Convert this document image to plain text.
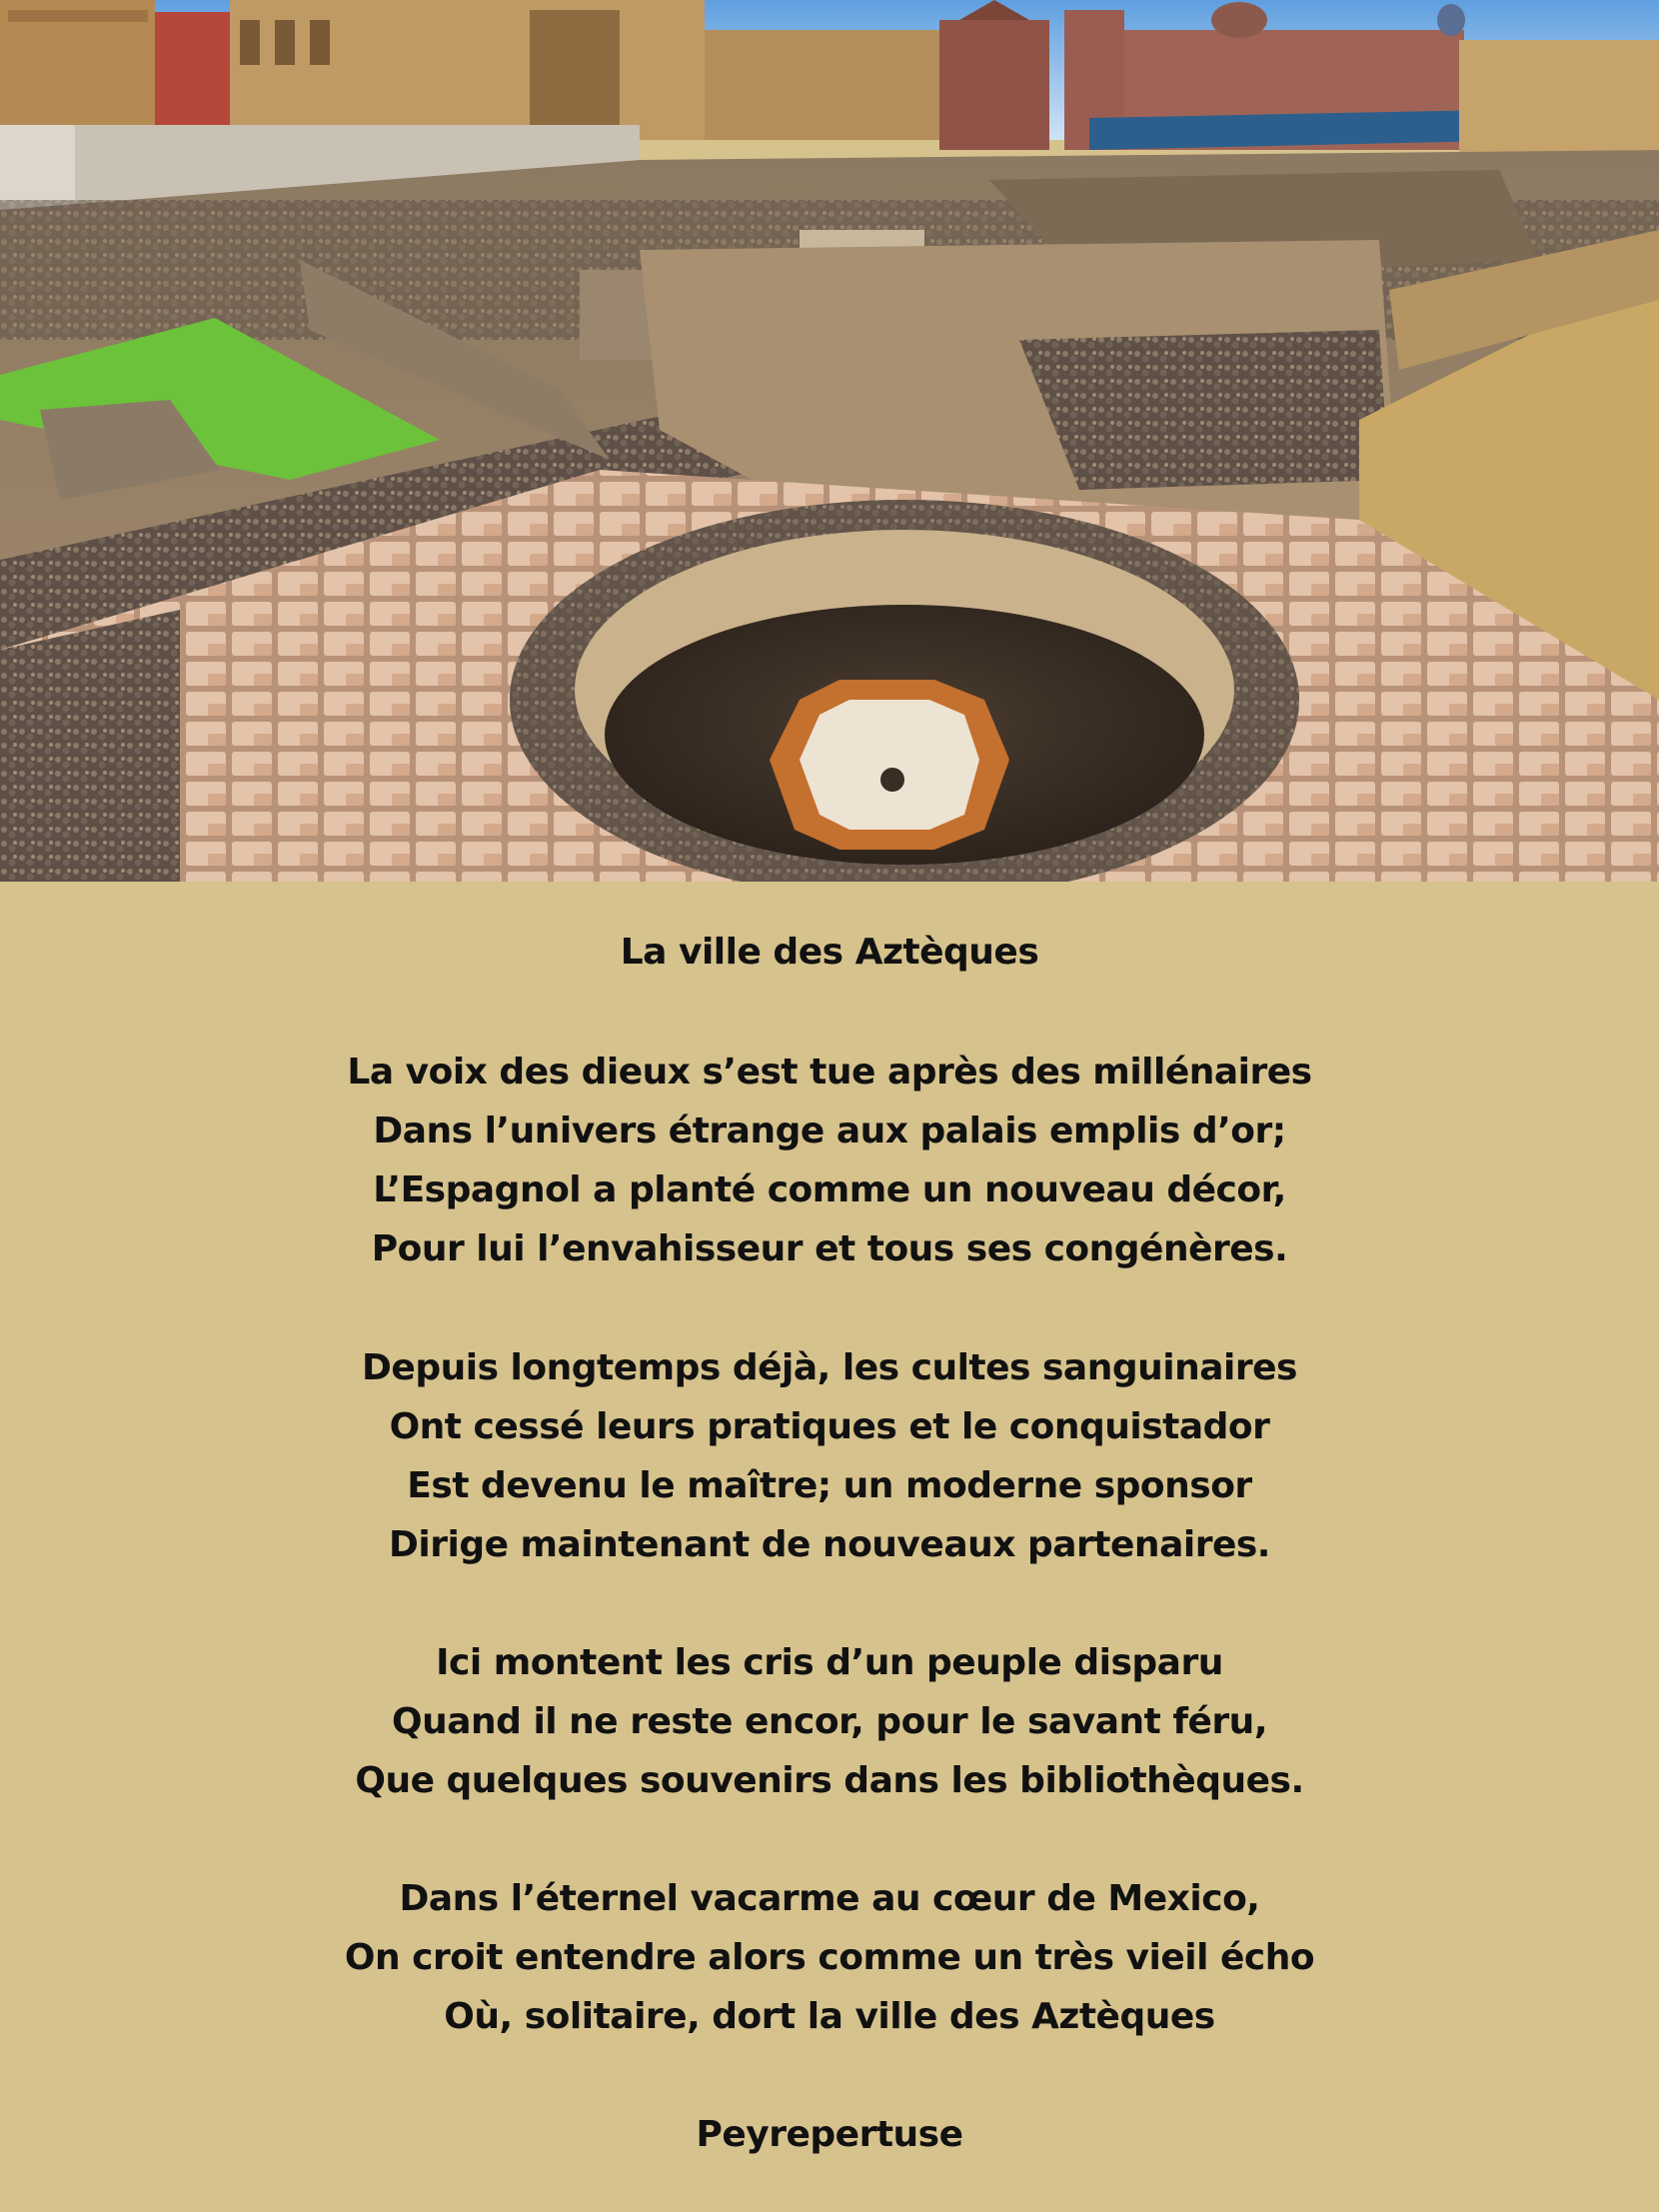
La ville des Aztèques
La voix des dieux s’est tue après des millénaires
Dans l’univers étrange aux palais emplis d’or;
L’Espagnol a planté comme un nouveau décor,
Pour lui l’envahisseur et tous ses congénères.
Depuis longtemps déjà, les cultes sanguinaires
Ont cessé leurs pratiques et le conquistador
Est devenu le maître; un moderne sponsor
Dirige maintenant de nouveaux partenaires.
Ici montent les cris d’un peuple disparu
Quand il ne reste encor, pour le savant féru,
Que quelques souvenirs dans les bibliothèques.
Dans l’éternel vacarme au cœur de Mexico,
On croit entendre alors comme un très vieil écho
Où, solitaire, dort la ville des Aztèques
Peyrepertuse
